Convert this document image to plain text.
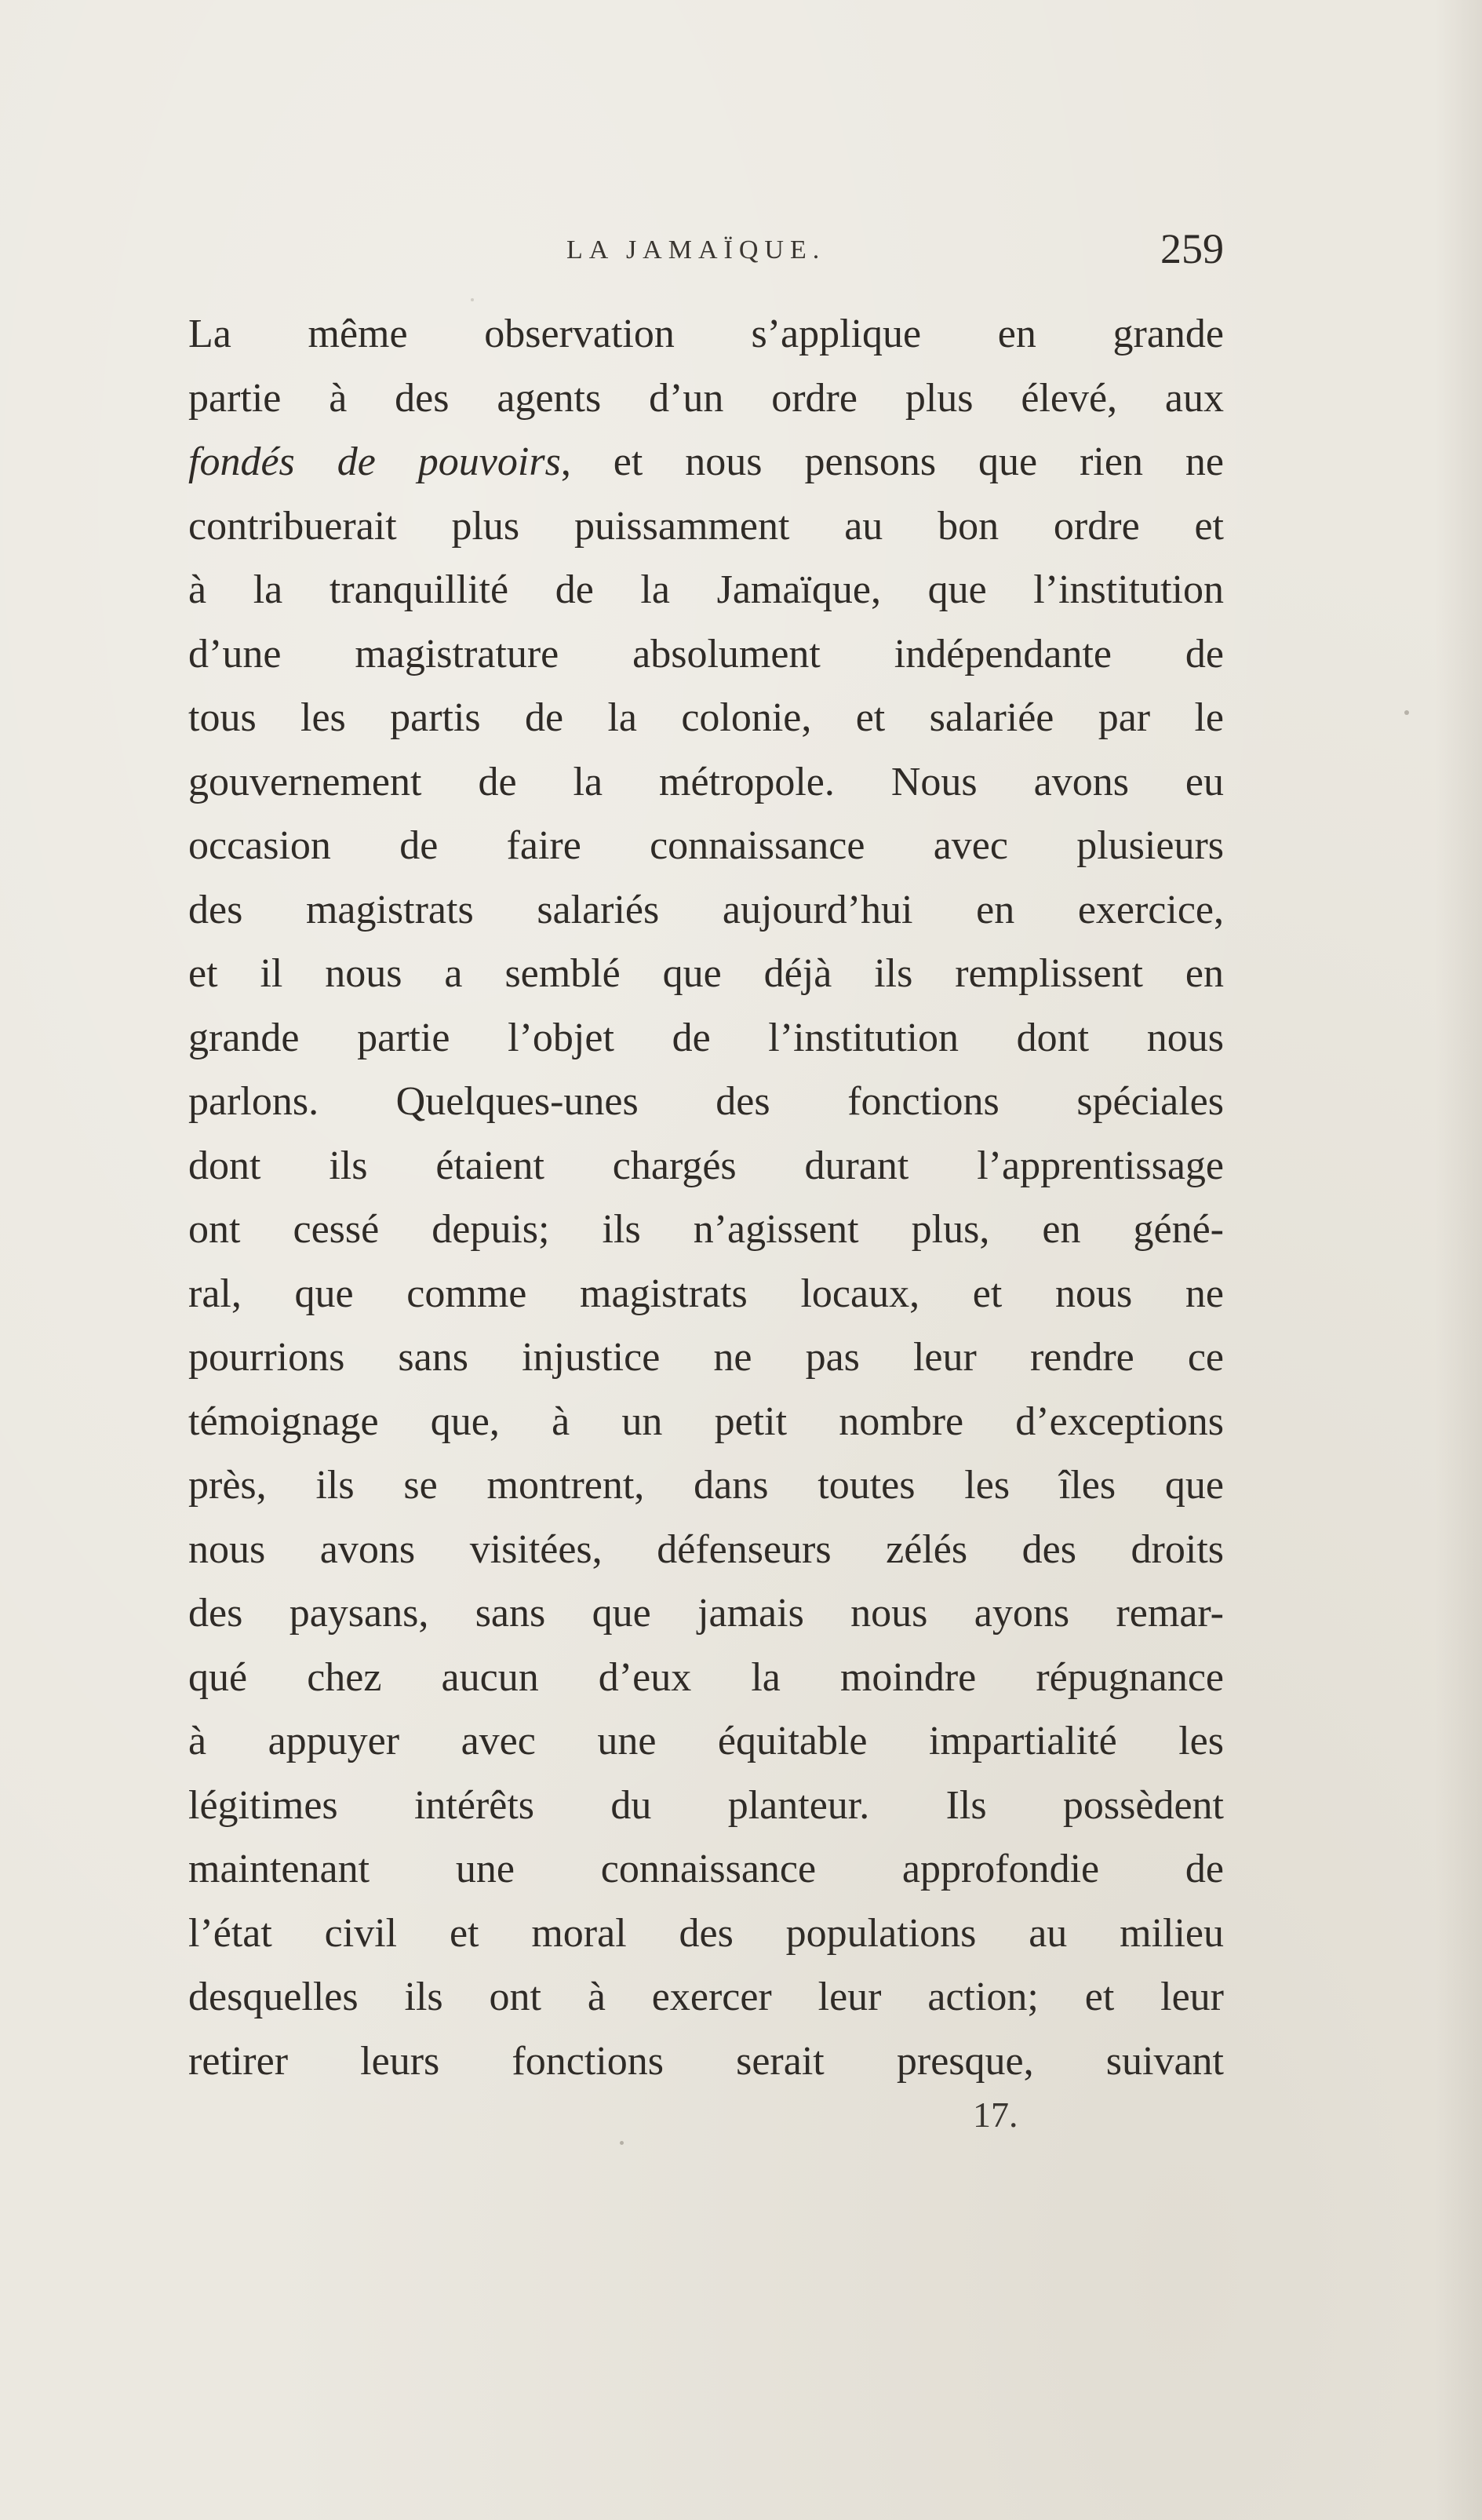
LA JAMAÏQUE.	259
La même observation s’applique en grande
partie à des agents d’un ordre plus élevé, aux
fondés de pouvoirs, et nous pensons que rien ne
contribuerait plus puissamment au bon ordre et
à la tranquillité de la Jamaïque, que l’institution
d’une magistrature absolument indépendante de
tous les partis de la colonie, et salariée par le
gouvernement de la métropole. Nous avons eu
occasion de faire connaissance avec plusieurs
des magistrats salariés aujourd’hui en exercice,
et il nous a semblé que déjà ils remplissent en
grande partie l’objet de l’institution dont nous
parlons. Quelques-unes des fonctions spéciales
dont ils étaient chargés durant l’apprentissage
ont cessé depuis; ils n’agissent plus, en géné-
ral, que comme magistrats locaux, et nous ne
pourrions sans injustice ne pas leur rendre ce
témoignage que, à un petit nombre d’exceptions
près, ils se montrent, dans toutes les îles que
nous avons visitées, défenseurs zélés des droits
des paysans, sans que jamais nous ayons remar-
qué chez aucun d’eux la moindre répugnance
à appuyer avec une équitable impartialité les
légitimes intérêts du planteur. Ils possèdent
maintenant une connaissance approfondie de
l’état civil et moral des populations au milieu
desquelles ils ont à exercer leur action; et leur
retirer leurs fonctions serait presque, suivant
17.
